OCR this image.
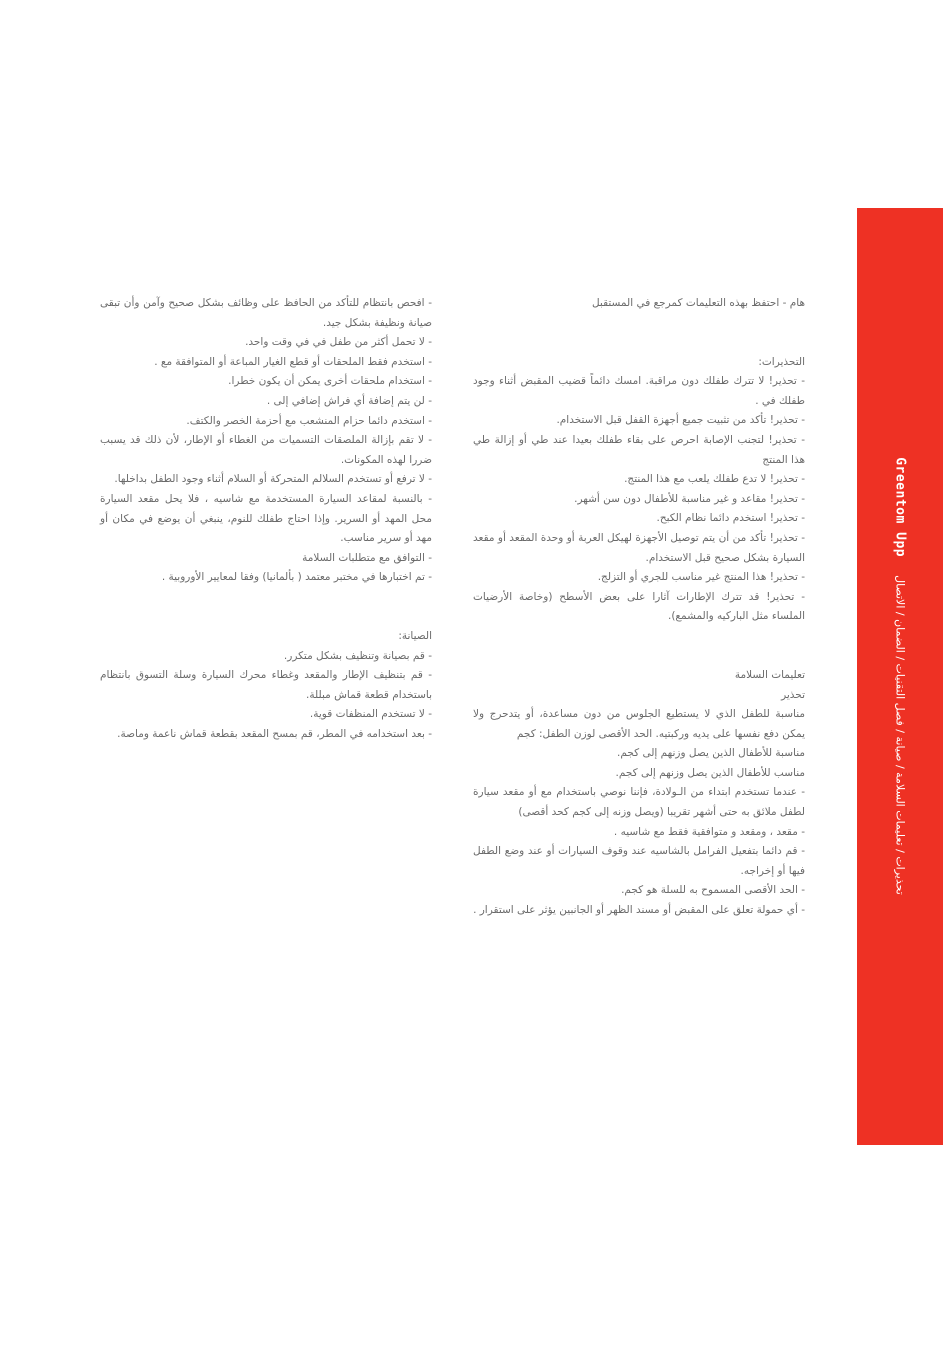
هام - احتفظ بهذه التعليمات كمرجع في المستقبل

التحذيرات:

- تحذير! لا تترك طفلك دون مراقبة. امسك دائماً قضيب المقبض أثناء وجود طفلك في .

- تحذير! تأكد من تثبيت جميع أجهزة القفل قبل الاستخدام.

- تحذير! لتجنب الإصابة احرص على بقاء طفلك بعيدا عند طي أو إزالة طي هذا المنتج

- تحذير! لا تدع طفلك يلعب مع هذا المنتج.

- تحذير! مقاعد و غير مناسبة للأطفال دون سن أشهر.

- تحذير! استخدم دائما نظام الكبح.

- تحذير! تأكد من أن يتم توصيل الأجهزة لهيكل العربة أو وحدة المقعد أو مقعد السيارة بشكل صحيح قبل الاستخدام.

- تحذير! هذا المنتج غير مناسب للجري أو التزلج.

- تحذير! قد تترك الإطارات آثارا على بعض الأسطح (وخاصة الأرضيات الملساء مثل الباركيه والمشمع).

تعليمات السلامة

تحذير

مناسبة للطفل الذي لا يستطيع الجلوس من دون مساعدة، أو يتدحرج ولا يمكن دفع نفسها على يديه وركبتيه. الحد الأقصى لوزن الطفل: كجم

مناسبة للأطفال الذين يصل وزنهم إلى كجم.

مناسب للأطفال الذين يصل وزنهم إلى كجم.

- عندما تستخدم ابتداء من الـولادة، فإننا نوصي باستخدام مع أو مقعد سيارة لطفل ملائق به حتى أشهر تقريبا (ويصل وزنه إلى كجم كحد أقصى)

- مقعد ، ومقعد و متوافقية فقط مع شاسيه .

- قم دائما بتفعيل الفرامل بالشاسيه عند وقوف السيارات أو عند وضع الطفل فيها أو إخراجه.

- الحد الأقصى المسموح به للسلة هو كجم.

- أي حمولة تعلق على المقبض أو مسند الظهر أو الجانبين يؤثر على استقرار .

- افحص بانتظام للتأكد من الحافظ على وظائف بشكل صحيح وآمن وأن تبقى صيانة ونظيفة بشكل جيد.

- لا تحمل أكثر من طفل في في وقت واحد.

- استخدم فقط الملحقات أو قطع الغيار المباعة أو المتوافقة مع .

- استخدام ملحقات أخرى يمكن أن يكون خطرا.

- لن يتم إضافة أي فراش إضافي إلى .

- استخدم دائما حزام المنشعب مع أحزمة الخصر والكتف.

- لا تقم بإزالة الملصقات التسميات من الغطاء أو الإطار، لأن ذلك قد يسبب ضررا لهذه المكونات.

- لا ترفع أو تستخدم السلالم المتحركة أو السلام أثناء وجود الطفل بداخلها.

- بالنسبة لمقاعد السيارة المستخدمة مع شاسيه ، فلا يحل مقعد السيارة محل المهد أو السرير. وإذا احتاج طفلك للنوم، ينبغي أن يوضع في مكان أو مهد أو سرير مناسب.

- التوافق مع متطلبات السلامة

- تم اختبارها في مختبر معتمد ( بألمانيا) وفقا لمعايير الأوروبية .

الصيانة:

- قم بصيانة وتنظيف بشكل متكرر.

- قم بتنظيف الإطار والمقعد وغطاء محرك السيارة وسلة التسوق بانتظام باستخدام قطعة قماش مبللة.

- لا تستخدم المنظفات قوية.

- بعد استخدامه في المطر، قم بمسح المقعد بقطعة قماش ناعمة وماصة.

Greentom Upp
تحذيرات / تعليمات السلامة / صيانة / فصل التقنيات / الضمان / الاتصال
